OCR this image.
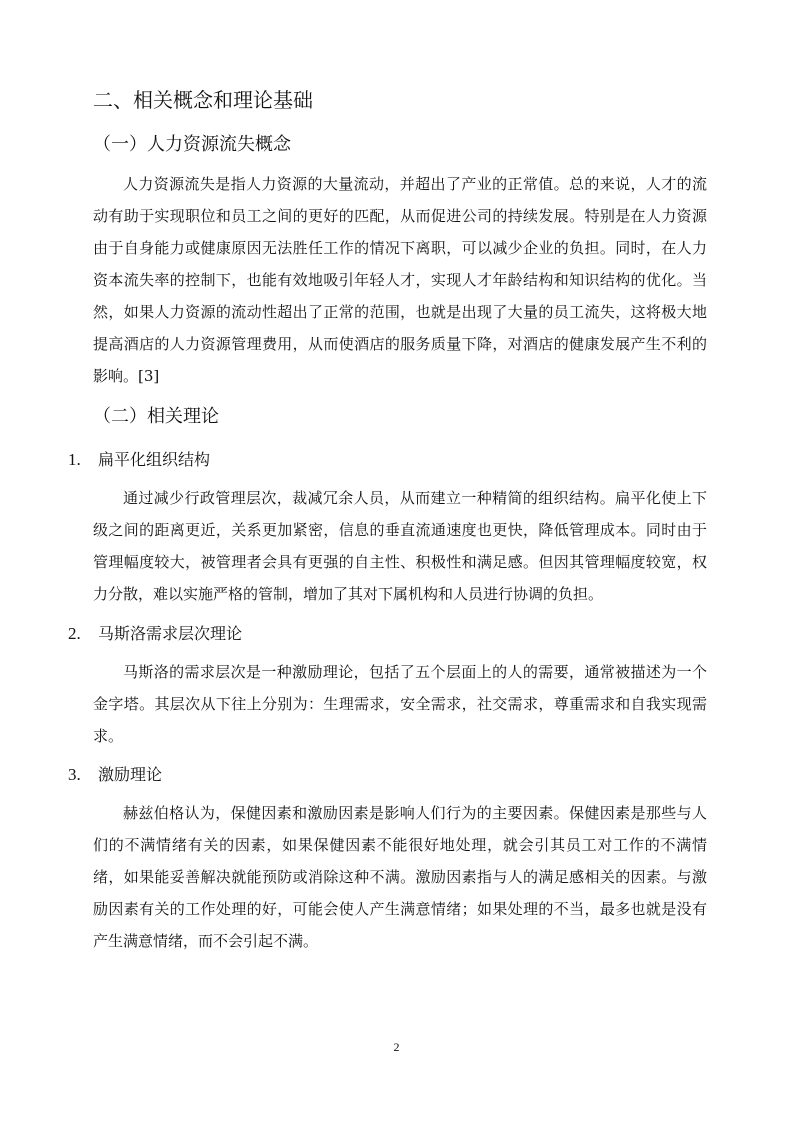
二、相关概念和理论基础
（一）人力资源流失概念
人力资源流失是指人力资源的大量流动，并超出了产业的正常值。总的来说，人才的流动有助于实现职位和员工之间的更好的匹配，从而促进公司的持续发展。特别是在人力资源由于自身能力或健康原因无法胜任工作的情况下离职，可以减少企业的负担。同时，在人力资本流失率的控制下，也能有效地吸引年轻人才，实现人才年龄结构和知识结构的优化。当然，如果人力资源的流动性超出了正常的范围，也就是出现了大量的员工流失，这将极大地提高酒店的人力资源管理费用，从而使酒店的服务质量下降，对酒店的健康发展产生不利的影响。[3]
（二）相关理论
1. 扁平化组织结构
通过减少行政管理层次，裁减冗余人员，从而建立一种精简的组织结构。扁平化使上下级之间的距离更近，关系更加紧密，信息的垂直流通速度也更快，降低管理成本。同时由于管理幅度较大，被管理者会具有更强的自主性、积极性和满足感。但因其管理幅度较宽，权力分散，难以实施严格的管制，增加了其对下属机构和人员进行协调的负担。
2. 马斯洛需求层次理论
马斯洛的需求层次是一种激励理论，包括了五个层面上的人的需要，通常被描述为一个金字塔。其层次从下往上分别为：生理需求，安全需求，社交需求，尊重需求和自我实现需求。
3. 激励理论
赫兹伯格认为，保健因素和激励因素是影响人们行为的主要因素。保健因素是那些与人们的不满情绪有关的因素，如果保健因素不能很好地处理，就会引其员工对工作的不满情绪，如果能妥善解决就能预防或消除这种不满。激励因素指与人的满足感相关的因素。与激励因素有关的工作处理的好，可能会使人产生满意情绪；如果处理的不当，最多也就是没有产生满意情绪，而不会引起不满。
2
